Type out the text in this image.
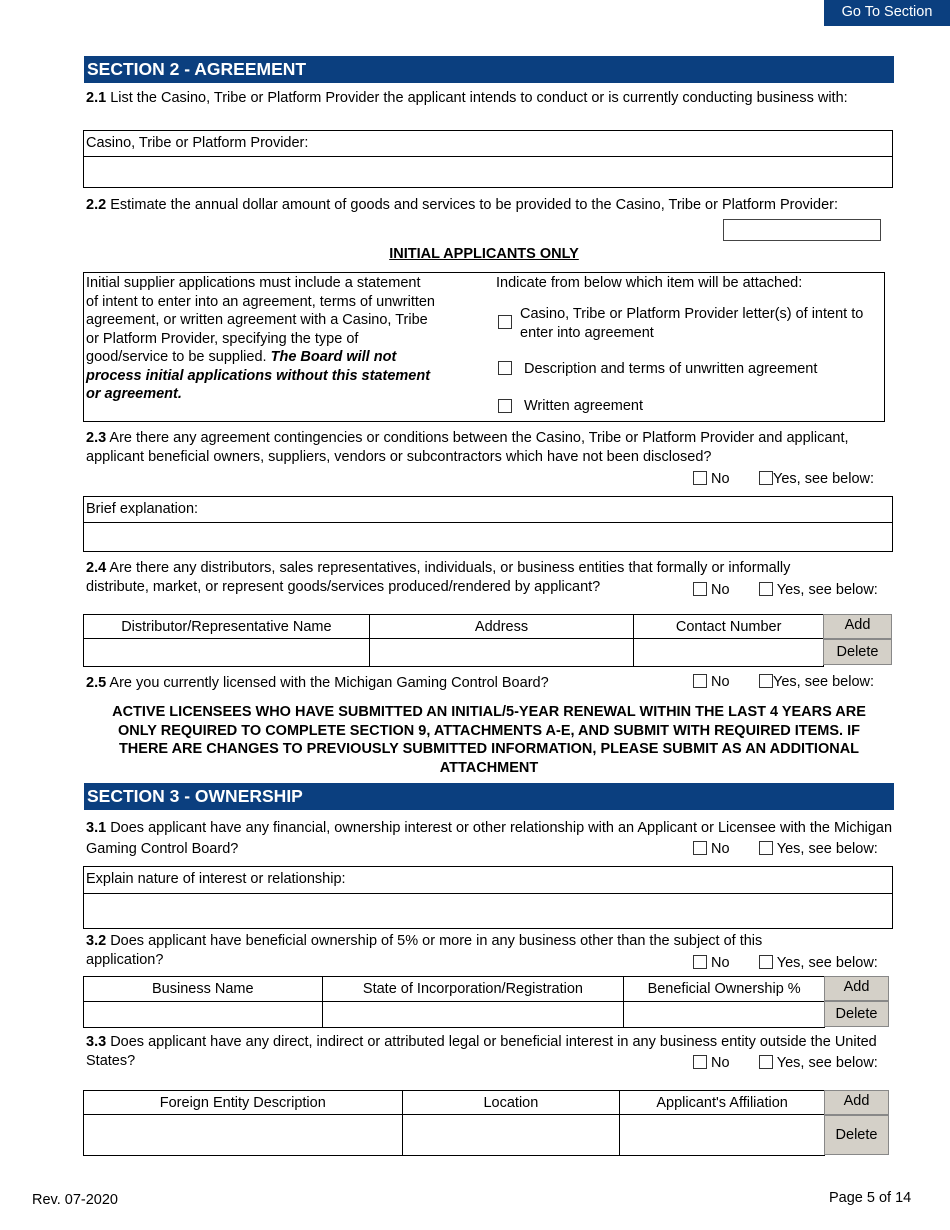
Go To Section
SECTION 2 - AGREEMENT
2.1 List the Casino, Tribe or Platform Provider the applicant intends to conduct or is currently conducting business with:
Casino, Tribe or Platform Provider:
2.2 Estimate the annual dollar amount of goods and services to be provided to the Casino, Tribe or Platform Provider:
INITIAL APPLICANTS ONLY
Initial supplier applications must include a statement of intent to enter into an agreement, terms of unwritten agreement, or written agreement with a Casino, Tribe or Platform Provider, specifying the type of good/service to be supplied. The Board will not process initial applications without this statement or agreement.
Indicate from below which item will be attached:
Casino, Tribe or Platform Provider letter(s) of intent to enter into agreement
Description and terms of unwritten agreement
Written agreement
2.3 Are there any agreement contingencies or conditions between the Casino, Tribe or Platform Provider and applicant, applicant beneficial owners, suppliers, vendors or subcontractors which have not been disclosed?
No	Yes, see below:
Brief explanation:
2.4 Are there any distributors, sales representatives, individuals, or business entities that formally or informally distribute, market, or represent goods/services produced/rendered by applicant?	No	Yes, see below:
Distributor/Representative Name	Address	Contact Number
			Add
Delete
2.5 Are you currently licensed with the Michigan Gaming Control Board?	No	Yes, see below:
ACTIVE LICENSEES WHO HAVE SUBMITTED AN INITIAL/5-YEAR RENEWAL WITHIN THE LAST 4 YEARS ARE ONLY REQUIRED TO COMPLETE SECTION 9, ATTACHMENTS A-E, AND SUBMIT WITH REQUIRED ITEMS. IF THERE ARE CHANGES TO PREVIOUSLY SUBMITTED INFORMATION, PLEASE SUBMIT AS AN ADDITIONAL ATTACHMENT
SECTION 3 - OWNERSHIP
3.1 Does applicant have any financial, ownership interest or other relationship with an Applicant or Licensee with the Michigan Gaming Control Board?	No	Yes, see below:
Explain nature of interest or relationship:
3.2 Does applicant have beneficial ownership of 5% or more in any business other than the subject of this application?	No	Yes, see below:
Business Name	State of Incorporation/Registration	Beneficial Ownership %
			Add
Delete
3.3 Does applicant have any direct, indirect or attributed legal or beneficial interest in any business entity outside the United States?	No	Yes, see below:
Foreign Entity Description	Location	Applicant's Affiliation
			Add
Delete
Rev. 07-2020	Page 5 of 14
